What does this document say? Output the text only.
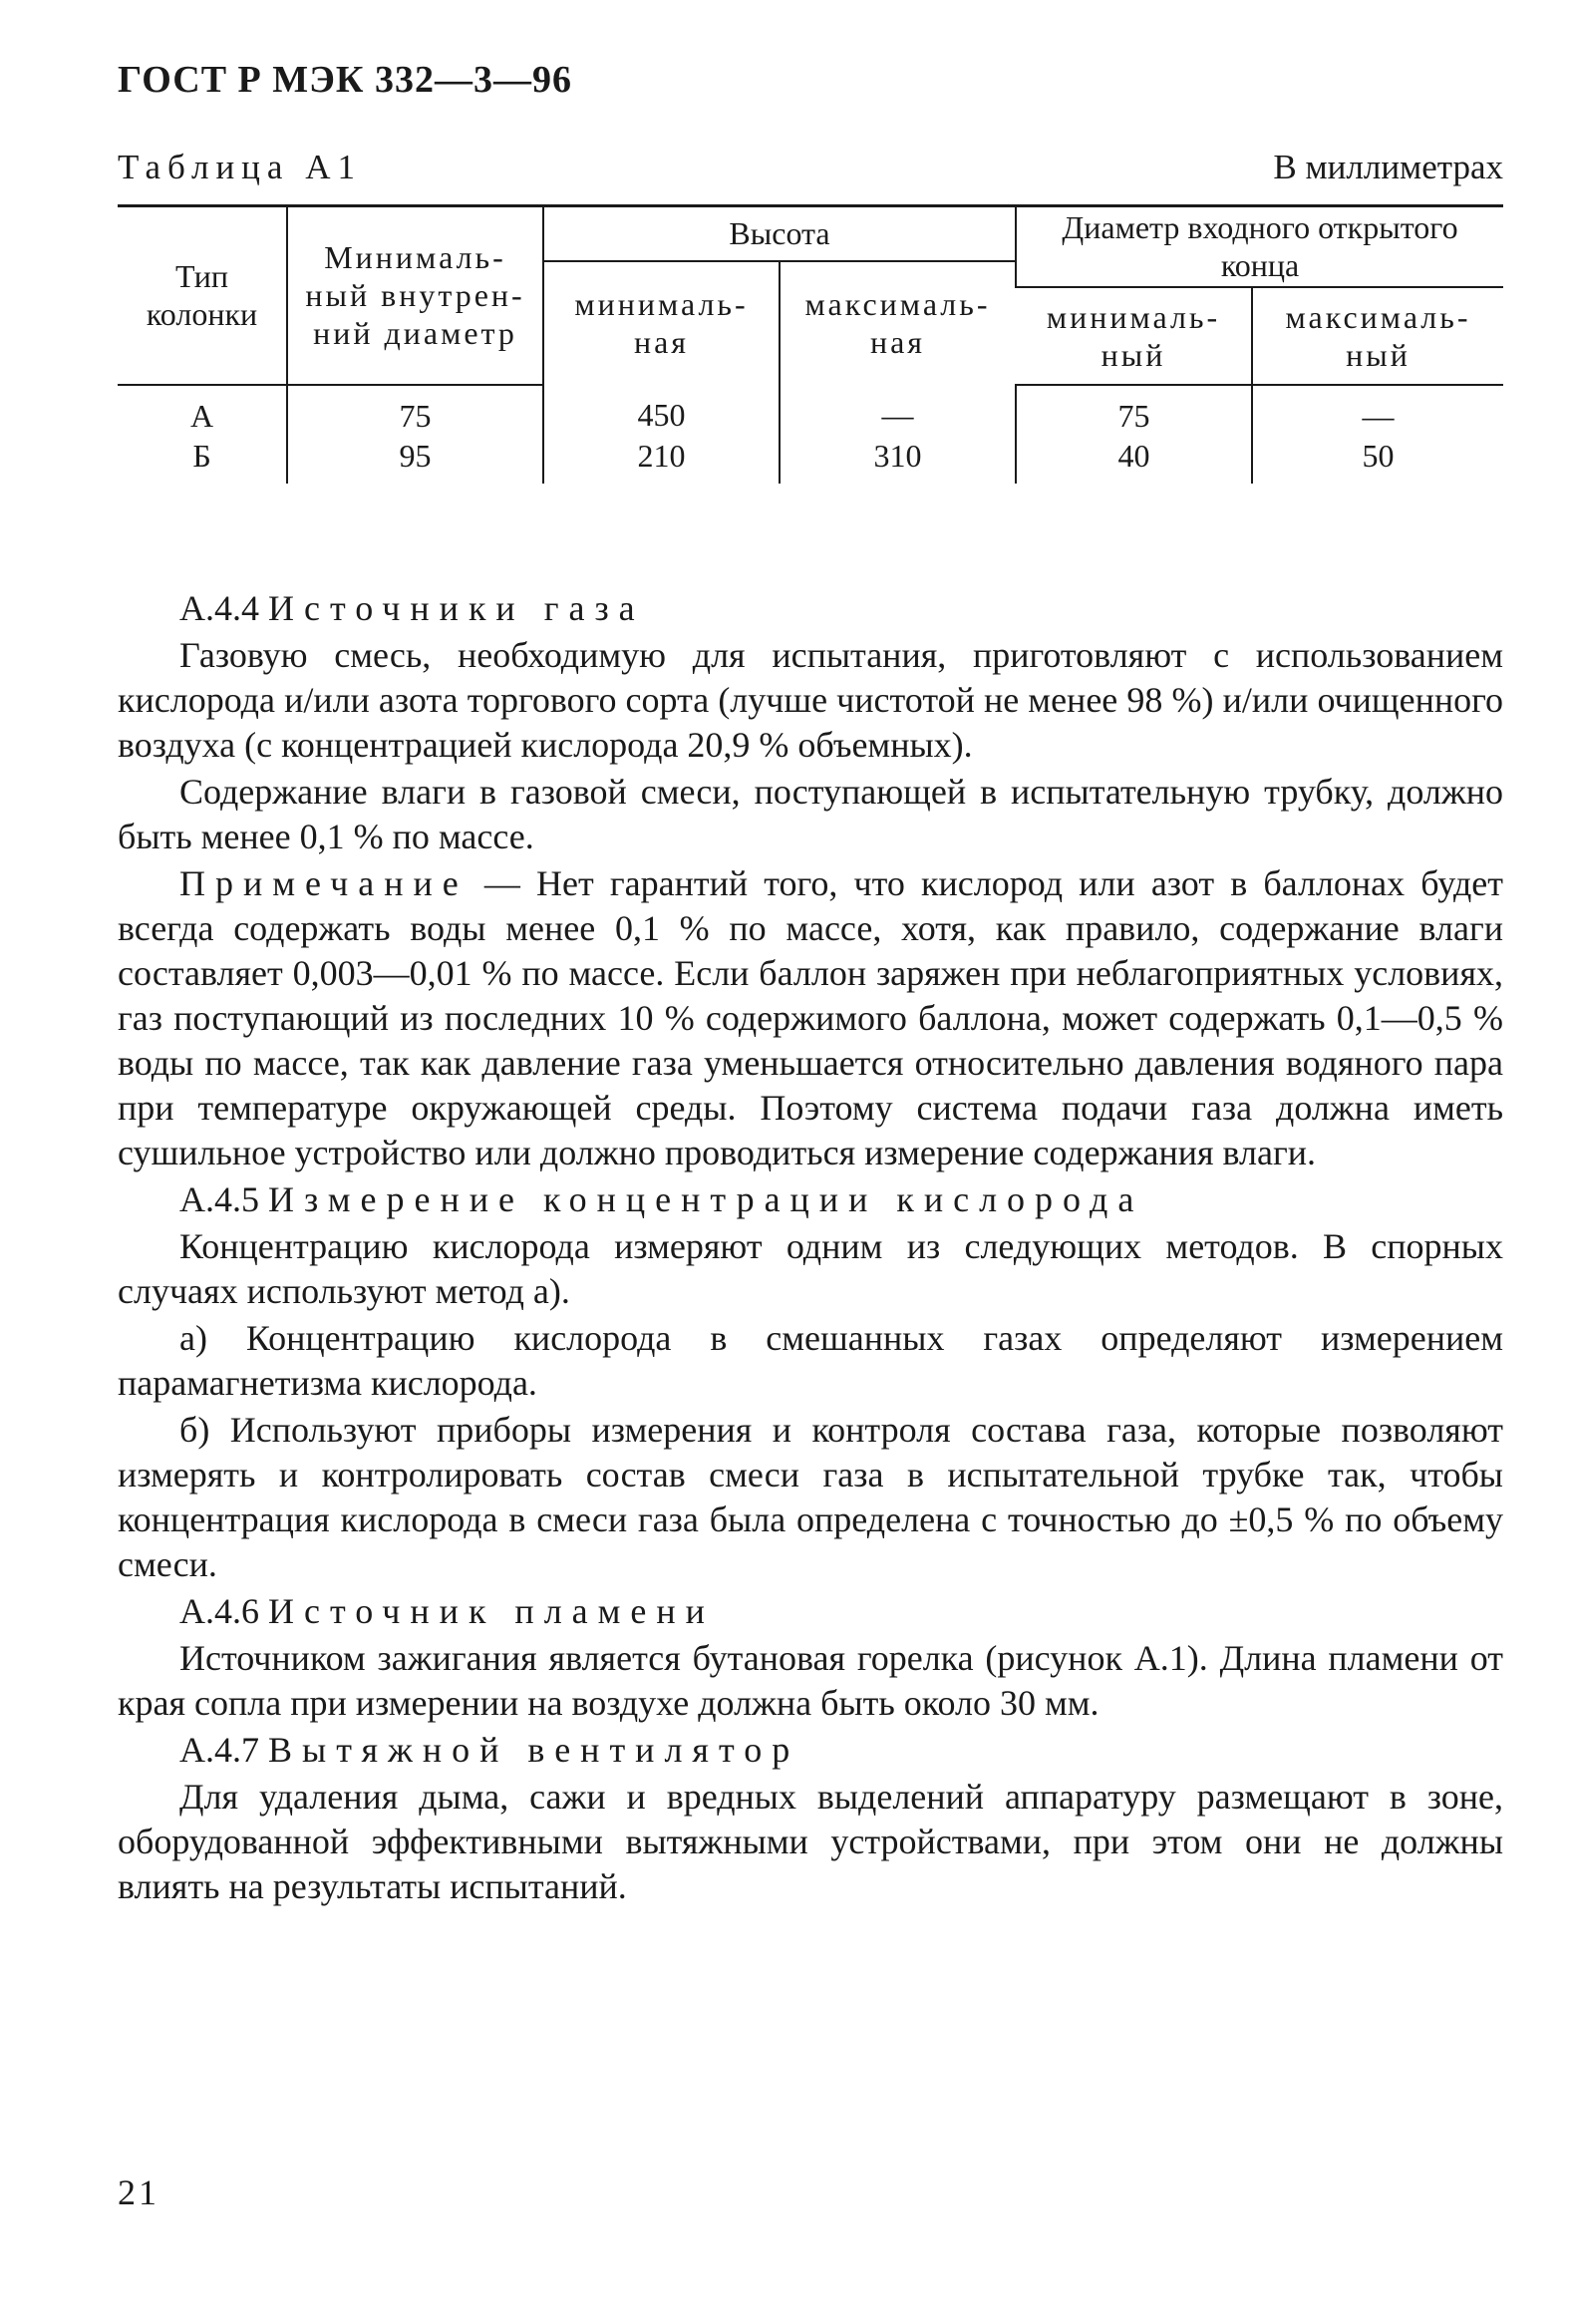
ГОСТ Р МЭК 332—3—96
Таблица А1	В миллиметрах
Тип колонки	Минималь-ный внутрен-ний диаметр	Высота		Диаметр входного открытого конца	
		минималь-ная	максималь-ная		
				минималь-ный	максималь-ный
А	75	450	—	75	—
Б	95	210	310	40	50

А.4.4 Источники газа

Газовую смесь, необходимую для испытания, приготовляют с использованием кислорода и/или азота торгового сорта (лучше чистотой не менее 98 %) и/или очищенного воздуха (с концентрацией кислорода 20,9 % объемных).

Содержание влаги в газовой смеси, поступающей в испытательную трубку, должно быть менее 0,1 % по массе.

Примечание — Нет гарантий того, что кислород или азот в баллонах будет всегда содержать воды менее 0,1 % по массе, хотя, как правило, содержание влаги составляет 0,003—0,01 % по массе. Если баллон заряжен при неблагоприятных условиях, газ поступающий из последних 10 % содержимого баллона, может содержать 0,1—0,5 % воды по массе, так как давление газа уменьшается относительно давления водяного пара при температуре окружающей среды. Поэтому система подачи газа должна иметь сушильное устройство или должно проводиться измерение содержания влаги.

А.4.5 Измерение концентрации кислорода

Концентрацию кислорода измеряют одним из следующих методов. В спорных случаях используют метод а).

а) Концентрацию кислорода в смешанных газах определяют измерением парамагнетизма кислорода.

б) Используют приборы измерения и контроля состава газа, которые позволяют измерять и контролировать состав смеси газа в испытательной трубке так, чтобы концентрация кислорода в смеси газа была определена с точностью до ±0,5 % по объему смеси.

А.4.6 Источник пламени

Источником зажигания является бутановая горелка (рисунок А.1). Длина пламени от края сопла при измерении на воздухе должна быть около 30 мм.

А.4.7 Вытяжной вентилятор

Для удаления дыма, сажи и вредных выделений аппаратуру размещают в зоне, оборудованной эффективными вытяжными устройствами, при этом они не должны влиять на результаты испытаний.

21
